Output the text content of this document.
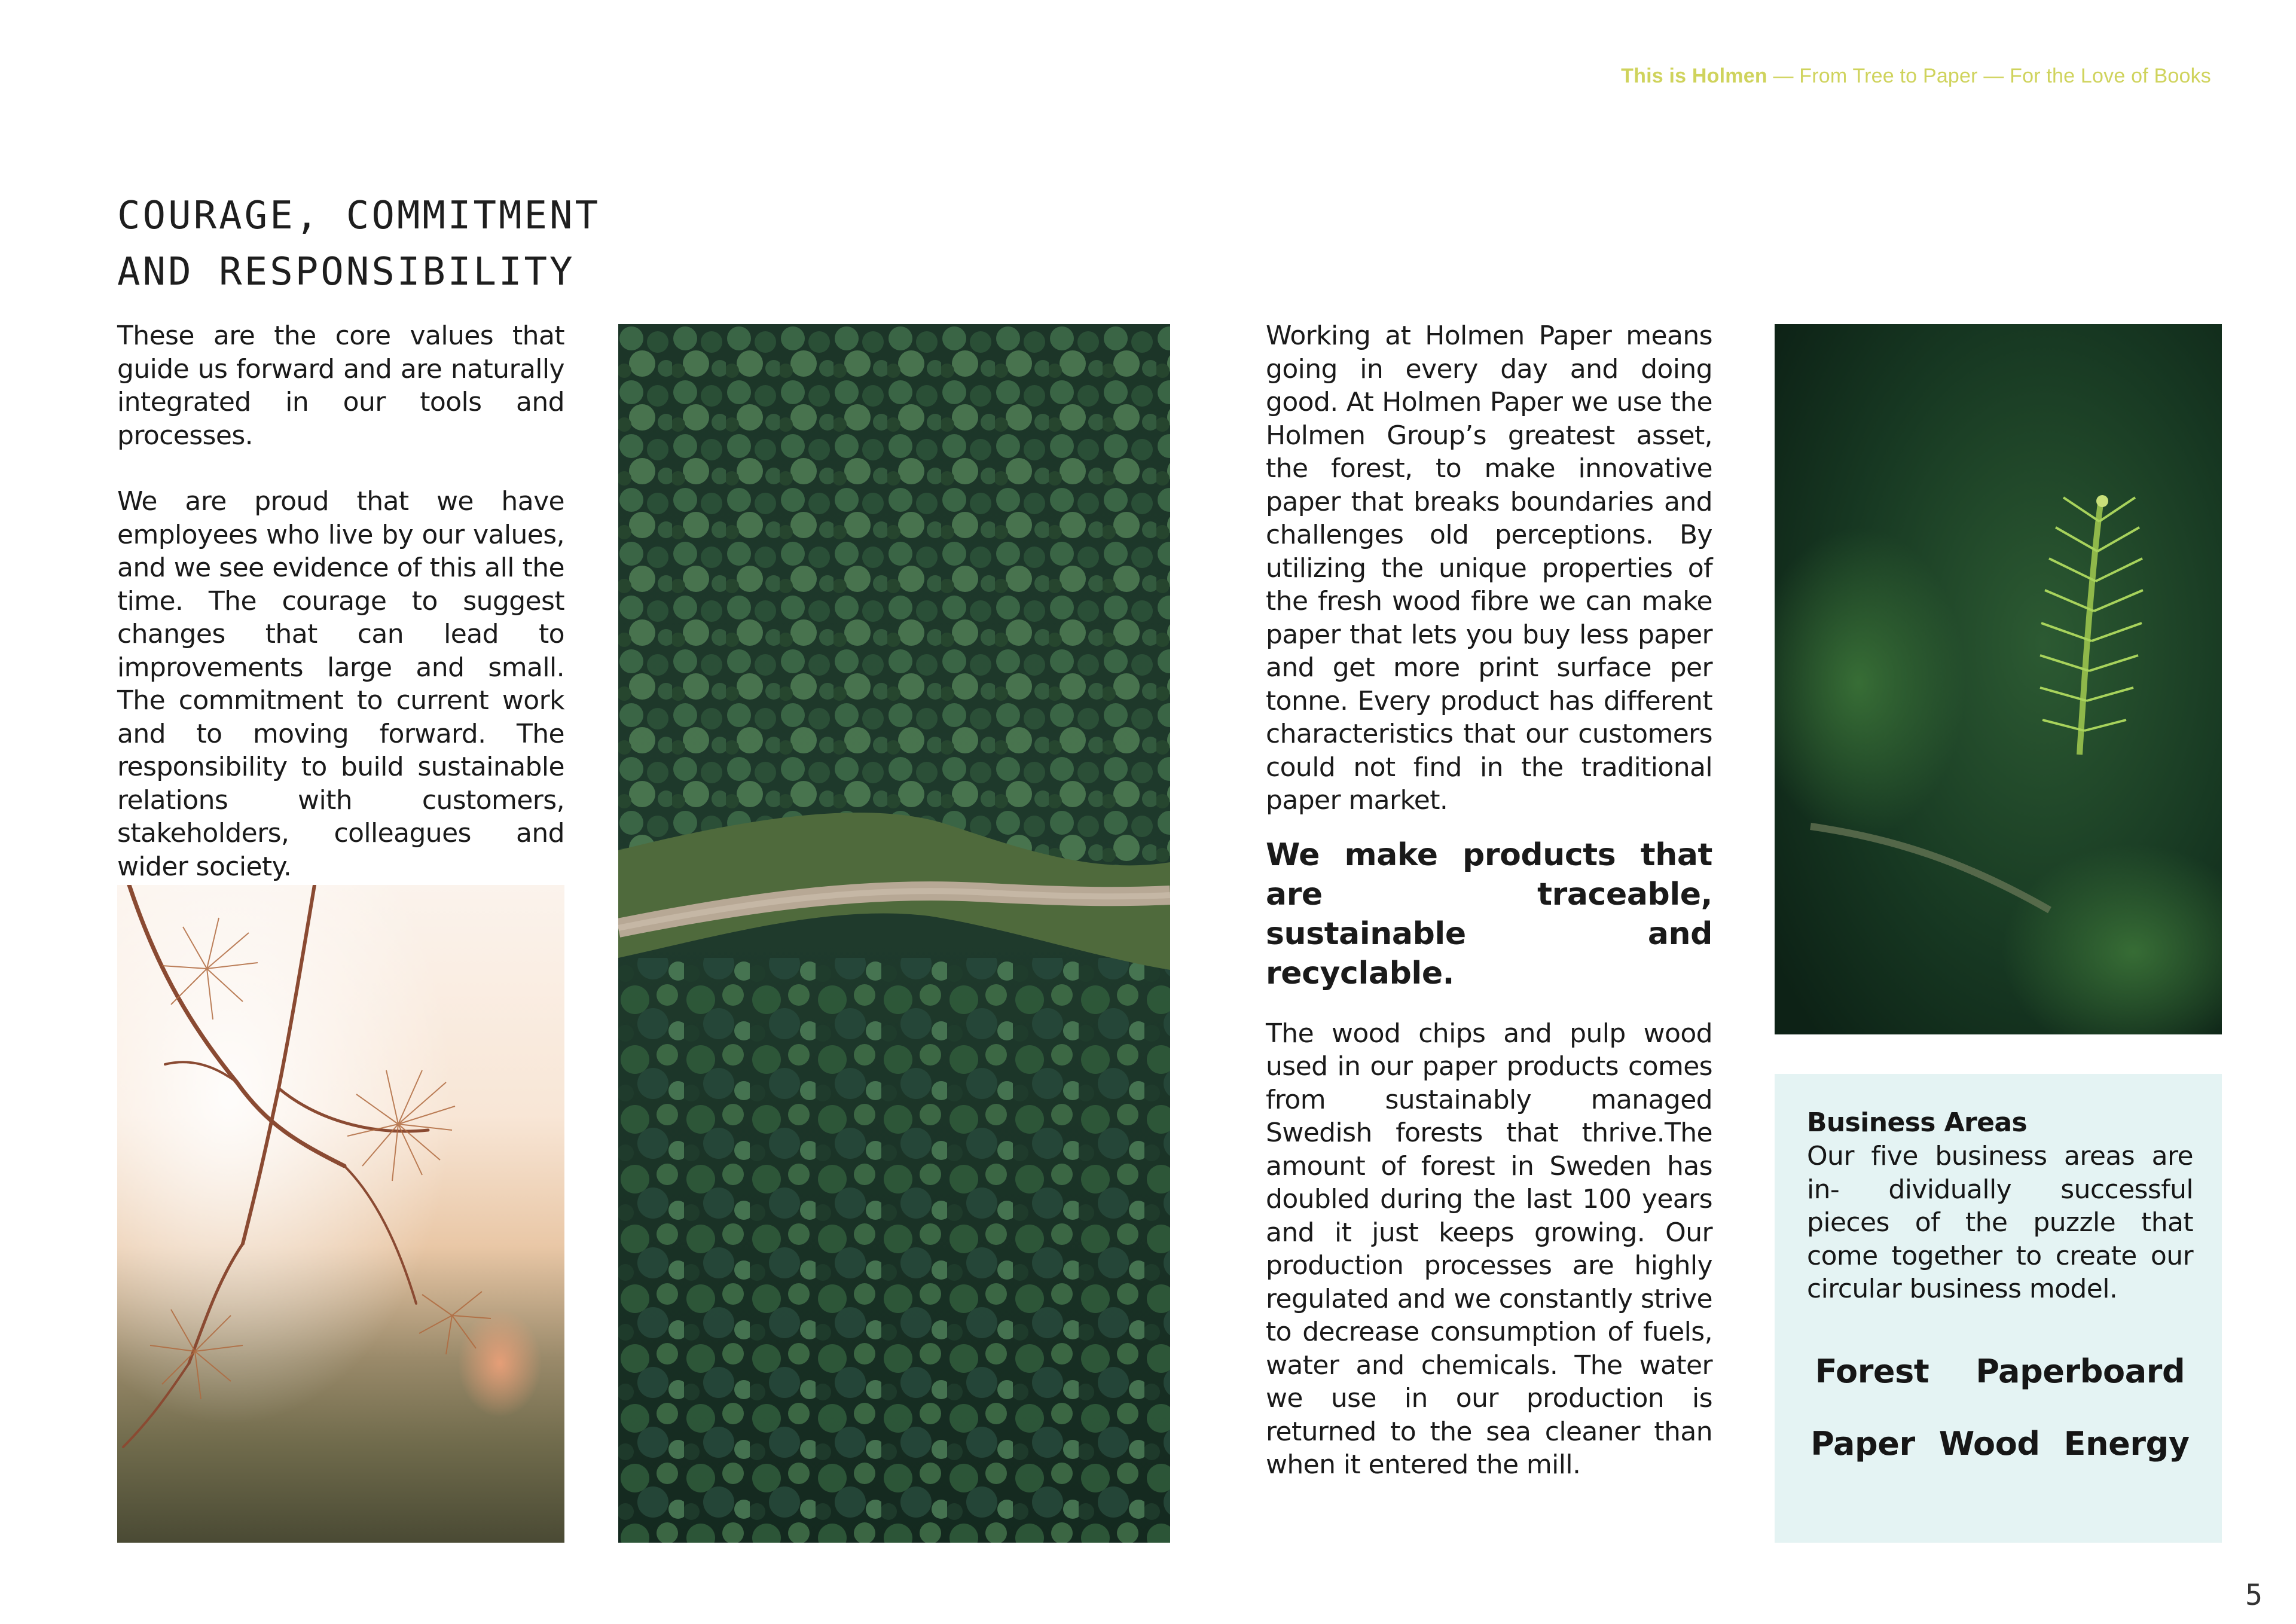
This is Holmen — From Tree to Paper — For the Love of Books
COURAGE, COMMITMENT
AND RESPONSIBILITY

These are the core values that guide us forward and are naturally integrated in our tools and processes.

We are proud that we have employees who live by our values, and we see evidence of this all the time. The courage to suggest changes that can lead to improvements large and small. The commitment to current work and to moving forward. The responsibility to build sustainable relations with customers, stakeholders, colleagues and wider society.

Working at Holmen Paper means going in every day and doing good. At Holmen Paper we use the Holmen Group’s greatest asset, the forest, to make innovative paper that breaks boundaries and challenges old perceptions. By utilizing the unique properties of the fresh wood fibre we can make paper that lets you buy less paper and get more print surface per tonne. Every product has different characteristics that our customers could not find in the traditional paper market.

We make products that are traceable, sustainable and recyclable.

The wood chips and pulp wood used in our paper products comes from sustainably managed Swedish forests that thrive.The amount of forest in Sweden has doubled during the last 100 years and it just keeps growing. Our production processes are highly regulated and we constantly strive to decrease consumption of fuels, water and chemicals. The water we use in our production is returned to the sea cleaner than when it entered the mill.

Business Areas

Our five business areas are in- dividually successful pieces of the puzzle that come together to create our circular business model.

Forest Paperboard
Paper Wood Energy
5
